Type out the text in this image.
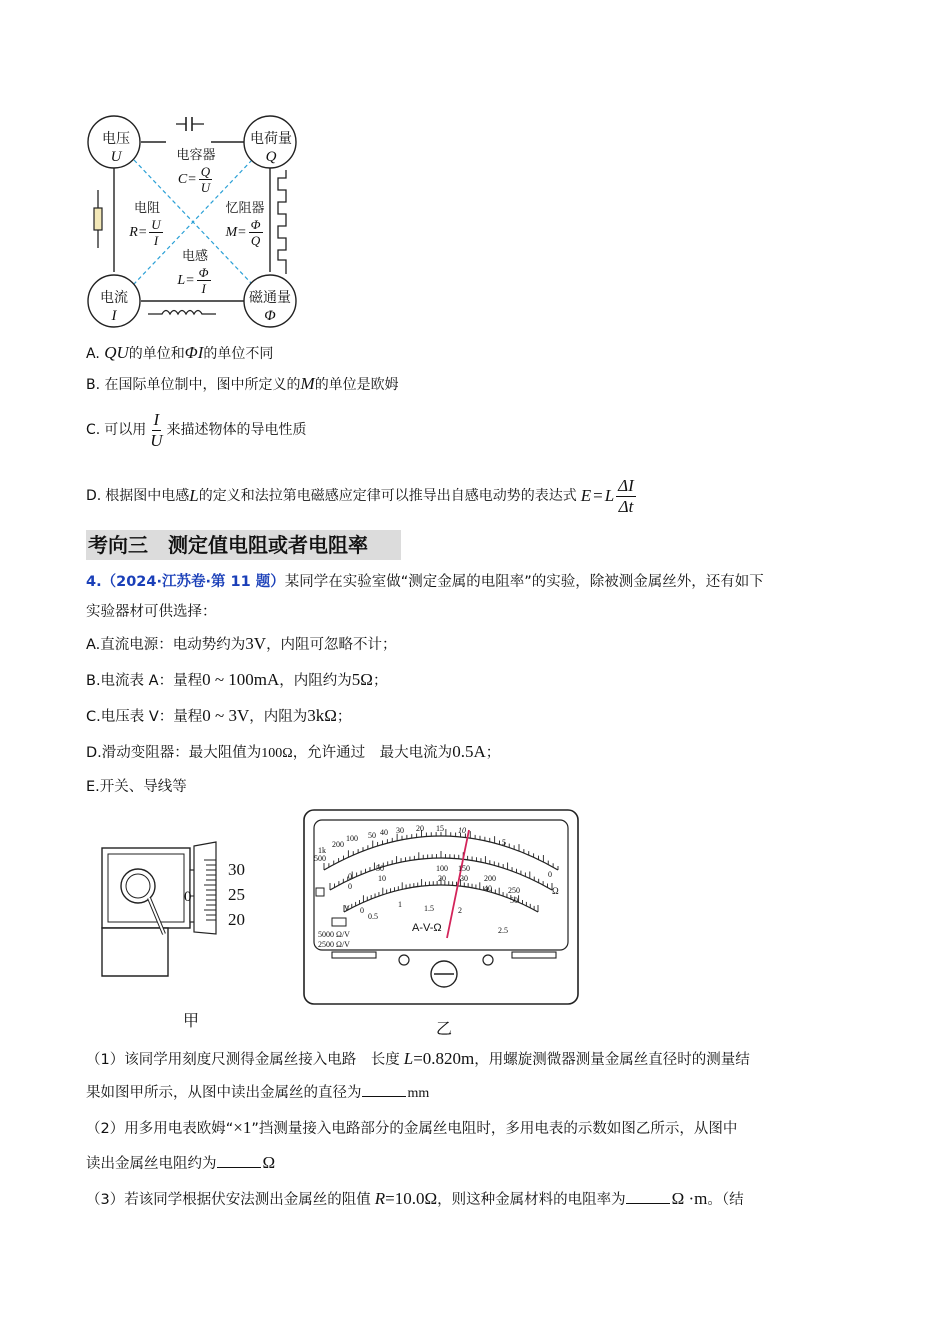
电压
U
电荷量
Q
电流
I
磁通量
Φ
电容器
$C= \frac{Q}{U}$
电阻
$R= \frac{U}{I}$
忆阻器
$M= \frac{\Phi}{Q}$
电感
$L= \frac{\Phi}{I}$
A. QU的单位和ΦI的单位不同
B. 在国际单位制中，图中所定义的M的单位是欧姆
C. 可以用 $\frac{I}{U}$ 来描述物体的导电性质
D. 根据图中电感 L 的定义和法拉第电磁感应定律可以推导出自感电动势的表达式 E = L $\frac{\Delta I}{\Delta t}$
考向三　测定值电阻或者电阻率
4.（2024·江苏卷·第 11 题）某同学在实验室做“测定金属的电阻率”的实验，除被测金属丝外，还有如下
实验器材可供选择：
A.直流电源：电动势约为3V，内阻可忽略不计；
B.电流表 A：量程0 ~ 100mA，内阻约为5Ω；
C.电压表 V：量程0 ~ 3V，内阻为3kΩ；
D.滑动变阻器：最大阻值为100Ω，允许通过　最大电流为0.5A；
E.开关、导线等
30
25
20
0
甲
500
1k
200
100 50 40 30 20 15 10
5
0
Ω
0
50	100 150
200
250
0
10	20 30
40
50
V 0
0.5
1	1.5	2
2.5
A-V-Ω
5000 Ω/V
2500 Ω/V
乙
（1）该同学用刻度尺测得金属丝接入电路　长度 L=0.820m，用螺旋测微器测量金属丝直径时的测量结
果如图甲所示，从图中读出金属丝的直径为	mm
（2）用多用电表欧姆“×1”挡测量接入电路部分的金属丝电阻时，多用电表的示数如图乙所示，从图中
读出金属丝电阻约为	Ω
（3）若该同学根据伏安法测出金属丝的阻值 R=10.0Ω，则这种金属材料的电阻率为	Ω ·m。（结
